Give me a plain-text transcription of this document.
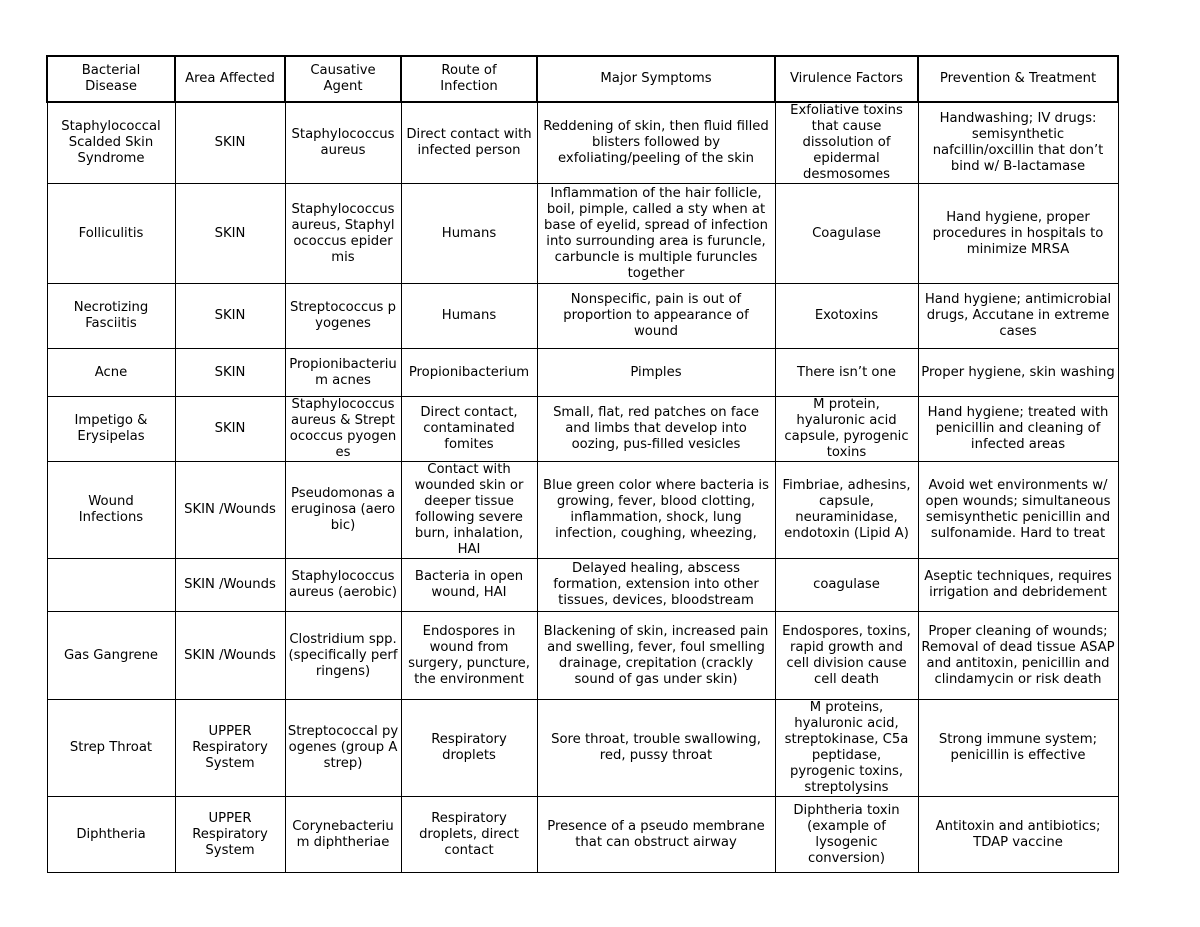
Bacterial Disease	Area Affected	Causative Agent	Route of Infection	Major Symptoms	Virulence Factors	Prevention & Treatment
Staphylococcal Scalded Skin Syndrome	SKIN	Staphylococcus aureus	Direct contact with infected person	Reddening of skin, then fluid filled blisters followed by exfoliating/peeling of the skin	Exfoliative toxins that cause dissolution of epidermal desmosomes	Handwashing; IV drugs: semisynthetic nafcillin/oxcillin that don’t bind w/ B-lactamase
Folliculitis	SKIN	Staphylococcus aureus, Staphylococcus epidermis	Humans	Inflammation of the hair follicle, boil, pimple, called a sty when at base of eyelid, spread of infection into surrounding area is furuncle, carbuncle is multiple furuncles together	Coagulase	Hand hygiene, proper procedures in hospitals to minimize MRSA
Necrotizing Fasciitis	SKIN	Streptococcus pyogenes	Humans	Nonspecific, pain is out of proportion to appearance of wound	Exotoxins	Hand hygiene; antimicrobial drugs, Accutane in extreme cases
Acne	SKIN	Propionibacterium acnes	Propionibacterium	Pimples	There isn’t one	Proper hygiene, skin washing
Impetigo & Erysipelas	SKIN	Staphylococcus aureus & Streptococcus pyogenes	Direct contact, contaminated fomites	Small, flat, red patches on face and limbs that develop into oozing, pus-filled vesicles	M protein, hyaluronic acid capsule, pyrogenic toxins	Hand hygiene; treated with penicillin and cleaning of infected areas
Wound Infections	SKIN /Wounds	Pseudomonas aeruginosa (aerobic)	Contact with wounded skin or deeper tissue following severe burn, inhalation, HAI	Blue green color where bacteria is growing, fever, blood clotting, inflammation, shock, lung infection, coughing, wheezing,	Fimbriae, adhesins, capsule, neuraminidase, endotoxin (Lipid A)	Avoid wet environments w/ open wounds; simultaneous semisynthetic penicillin and sulfonamide. Hard to treat
	SKIN /Wounds	Staphylococcus aureus (aerobic)	Bacteria in open wound, HAI	Delayed healing, abscess formation, extension into other tissues, devices, bloodstream	coagulase	Aseptic techniques, requires irrigation and debridement
Gas Gangrene	SKIN /Wounds	Clostridium spp. (specifically perfringens)	Endospores in wound from surgery, puncture, the environment	Blackening of skin, increased pain and swelling, fever, foul smelling drainage, crepitation (crackly sound of gas under skin)	Endospores, toxins, rapid growth and cell division cause cell death	Proper cleaning of wounds; Removal of dead tissue ASAP and antitoxin, penicillin and clindamycin or risk death
Strep Throat	UPPER Respiratory System	Streptococcal pyogenes (group A strep)	Respiratory droplets	Sore throat, trouble swallowing, red, pussy throat	M proteins, hyaluronic acid, streptokinase, C5a peptidase, pyrogenic toxins, streptolysins	Strong immune system; penicillin is effective
Diphtheria	UPPER Respiratory System	Corynebacterium diphtheriae	Respiratory droplets, direct contact	Presence of a pseudo membrane that can obstruct airway	Diphtheria toxin (example of lysogenic conversion)	Antitoxin and antibiotics; TDAP vaccine
